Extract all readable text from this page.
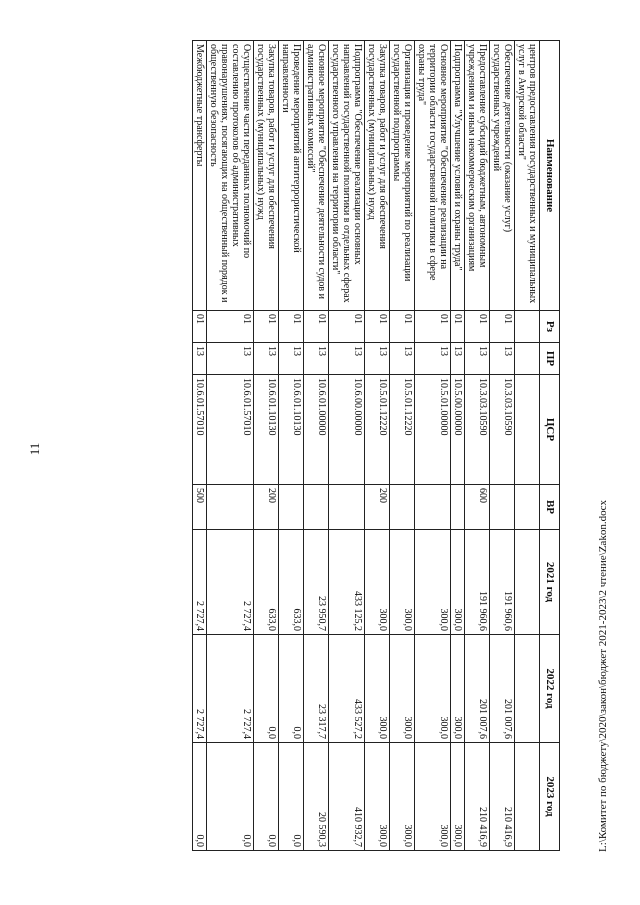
11
Наименование	Рз	ПР	ЦСР	ВР	2021 год	2022 год	2023 год
центров предоставления государственных и муниципальных услуг в Амурской области"							
Обеспечение деятельности (оказание услуг) государственных учреждений	01	13	10.3.03.10590		191 960,6	201 007,6	210 416,9
Предоставление субсидий бюджетным, автономным учреждениям и иным некоммерческим организациям	01	13	10.3.03.10590	600	191 960,6	201 007,6	210 416,9
Подпрограмма "Улучшение условий и охраны труда"	01	13	10.5.00.00000		300,0	300,0	300,0
Основное мероприятие "Обеспечение реализации на территории области государственной политики в сфере охраны труда"	01	13	10.5.01.00000		300,0	300,0	300,0
Организация и проведение мероприятий по реализации государственной подпрограммы	01	13	10.5.01.12220		300,0	300,0	300,0
Закупка товаров, работ и услуг для обеспечения государственных (муниципальных) нужд	01	13	10.5.01.12220	200	300,0	300,0	300,0
Подпрограмма "Обеспечение реализации основных направлений государственной политики в отдельных сферах государственного управления на территории области"	01	13	10.6.00.00000		433 125,2	433 527,2	410 932,7
Основное мероприятие "Обеспечение деятельности судов и административных комиссий"	01	13	10.6.01.00000		23 950,7	23 317,7	20 590,3
Проведение мероприятий антитеррористической направленности	01	13	10.6.01.10130		633,0	0,0	0,0
Закупка товаров, работ и услуг для обеспечения государственных (муниципальных) нужд	01	13	10.6.01.10130	200	633,0	0,0	0,0
Осуществление части переданных полномочий по составлению протоколов об административных правонарушениях, посягающих на общественный порядок и общественную безопасность	01	13	10.6.01.57010		2 727,4	2 727,4	0,0
Межбюджетные трансферты	01	13	10.6.01.57010	500	2 727,4	2 727,4	0,0	L:\Комитет по бюджету\2020\закон\бюджет 2021-2023\2 чтение\Zakon.docx
